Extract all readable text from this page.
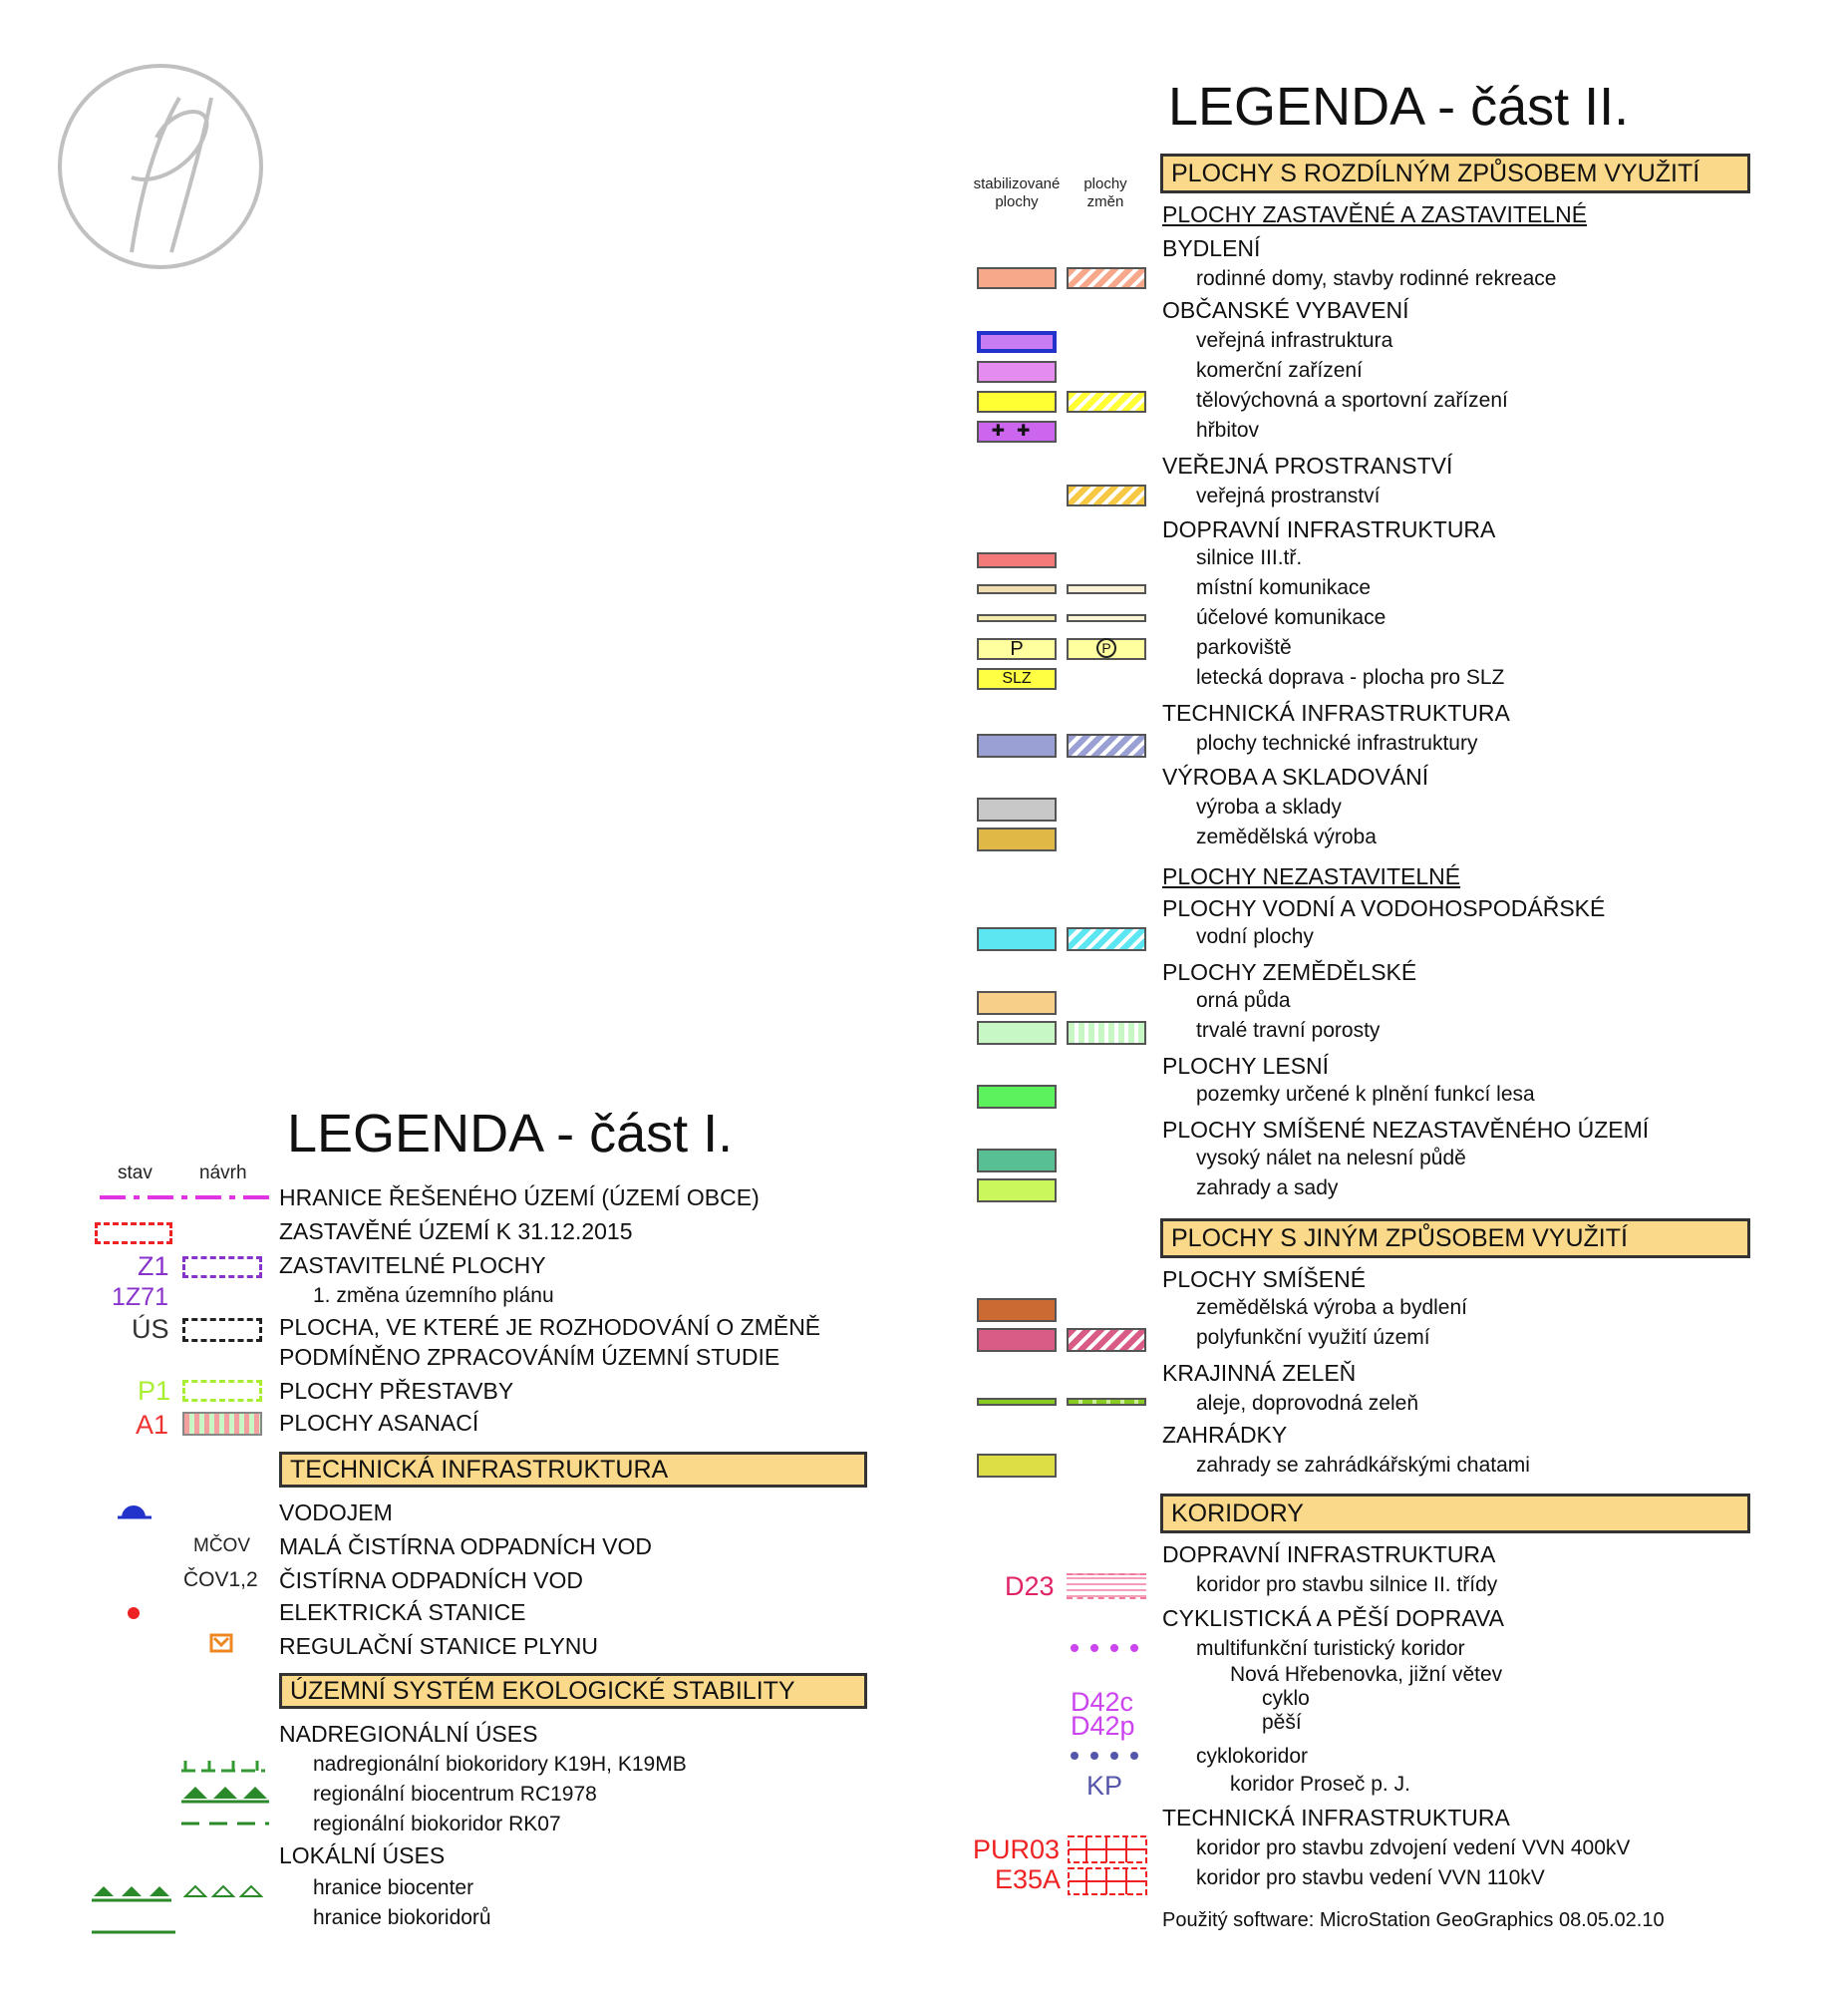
LEGENDA - část I.
stav návrh
HRANICE ŘEŠENÉHO ÚZEMÍ (ÚZEMÍ OBCE)
ZASTAVĚNÉ ÚZEMÍ K 31.12.2015
Z1	ZASTAVITELNÉ PLOCHY
1Z71	1. změna územního plánu
ÚS	PLOCHA, VE KTERÉ JE ROZHODOVÁNÍ O ZMĚNĚ
PODMÍNĚNO ZPRACOVÁNÍM ÚZEMNÍ STUDIE
P1	PLOCHY PŘESTAVBY
A1	PLOCHY ASANACÍ
TECHNICKÁ INFRASTRUKTURA
VODOJEM
MČOV MALÁ ČISTÍRNA ODPADNÍCH VOD
ČOV1,2 ČISTÍRNA ODPADNÍCH VOD
ELEKTRICKÁ STANICE
REGULAČNÍ STANICE PLYNU
ÚZEMNÍ SYSTÉM EKOLOGICKÉ STABILITY
NADREGIONÁLNÍ ÚSES
nadregionální biokoridory K19H, K19MB
regionální biocentrum RC1978
regionální biokoridor RK07
LOKÁLNÍ ÚSES
hranice biocenter
hranice biokoridorů
LEGENDA - část II.
stabilizované
plochy
plochy
změn
PLOCHY S ROZDÍLNÝM ZPŮSOBEM VYUŽITÍ
PLOCHY ZASTAVĚNÉ A ZASTAVITELNÉ
BYDLENÍ
rodinné domy, stavby rodinné rekreace
OBČANSKÉ VYBAVENÍ
veřejná infrastruktura
komerční zařízení
tělovýchovná a sportovní zařízení
✚✚	hřbitov
VEŘEJNÁ PROSTRANSTVÍ
veřejná prostranství
DOPRAVNÍ INFRASTRUKTURA
silnice III.tř.
místní komunikace
účelové komunikace
P	P	parkoviště
SLZ	letecká doprava - plocha pro SLZ
TECHNICKÁ INFRASTRUKTURA
plochy technické infrastruktury
VÝROBA A SKLADOVÁNÍ
výroba a sklady
zemědělská výroba
PLOCHY NEZASTAVITELNÉ
PLOCHY VODNÍ A VODOHOSPODÁŘSKÉ
vodní plochy
PLOCHY ZEMĚDĚLSKÉ
orná půda
trvalé travní porosty
PLOCHY LESNÍ
pozemky určené k plnění funkcí lesa
PLOCHY SMÍŠENÉ NEZASTAVĚNÉHO ÚZEMÍ
vysoký nálet na nelesní půdě
zahrady a sady
PLOCHY S JINÝM ZPŮSOBEM VYUŽITÍ
PLOCHY SMÍŠENÉ
zemědělská výroba a bydlení
polyfunkční využití území
KRAJINNÁ ZELEŇ
aleje, doprovodná zeleň
ZAHRÁDKY
zahrady se zahrádkářskými chatami
KORIDORY
DOPRAVNÍ INFRASTRUKTURA
D23	koridor pro stavbu silnice II. třídy
CYKLISTICKÁ A PĚŠÍ DOPRAVA
multifunkční turistický koridor
Nová Hřebenovka, jižní větev
D42c	cyklo
D42p	pěší
cyklokoridor
KP	koridor Proseč p. J.
TECHNICKÁ INFRASTRUKTURA
PUR03	koridor pro stavbu zdvojení vedení VVN 400kV
E35A	koridor pro stavbu vedení VVN 110kV
Použitý software: MicroStation GeoGraphics 08.05.02.10
